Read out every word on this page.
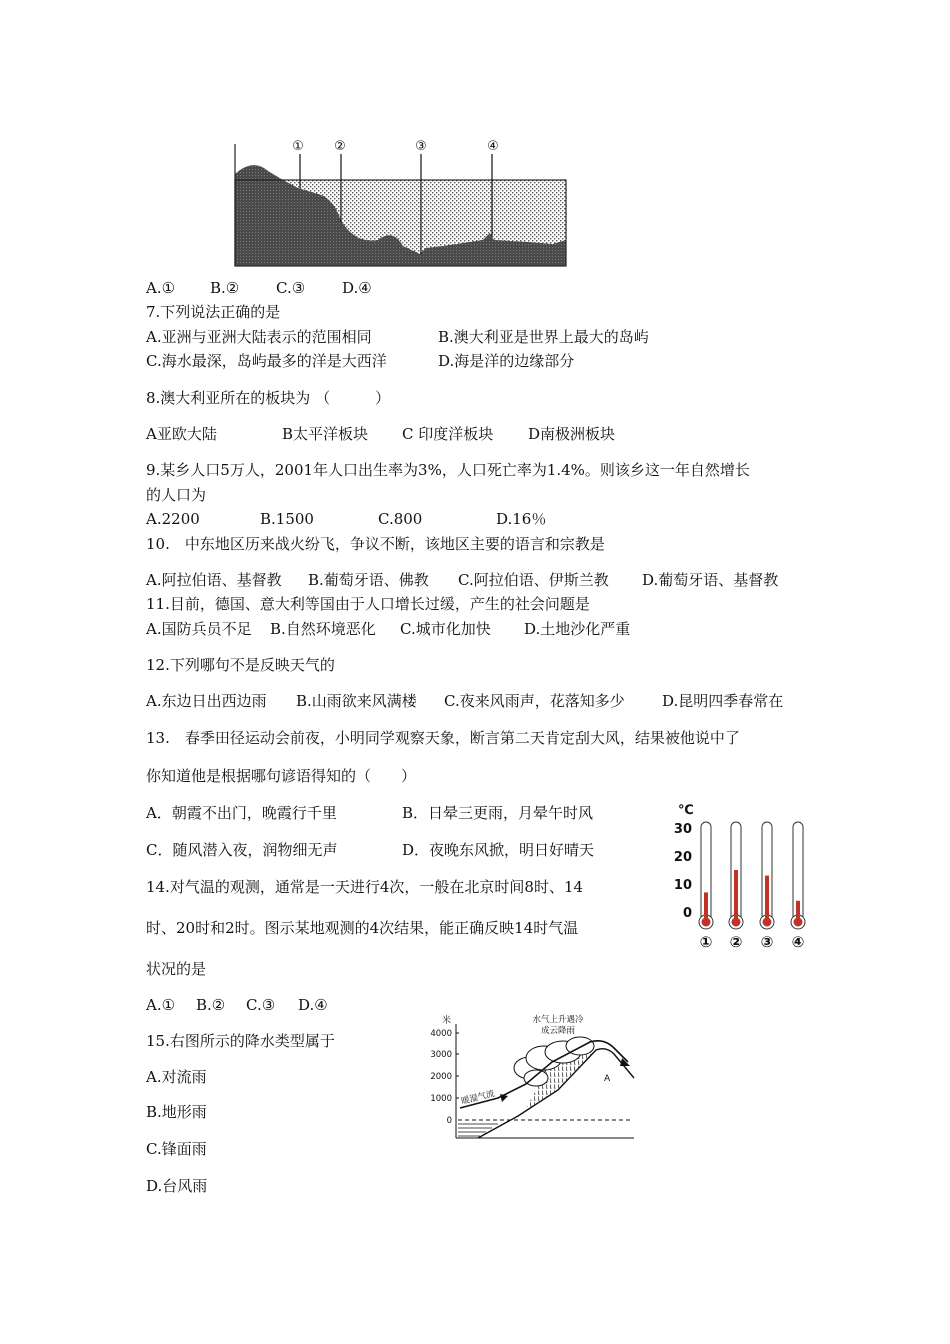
① ②	③	④
A.① B.② C.③ D.④
7.下列说法正确的是
A.亚洲与亚洲大陆表示的范围相同	B.澳大利亚是世界上最大的岛屿
C.海水最深，岛屿最多的洋是大西洋	D.海是洋的边缘部分
8.澳大利亚所在的板块为 （　　　）
A亚欧大陆	B太平洋板块 C 印度洋板块 D南极洲板块
9.某乡人口5万人，2001年人口出生率为3%，人口死亡率为1.4%。则该乡这一年自然增长
的人口为
A.2200	B.1500	C.800	D.16％
10.　中东地区历来战火纷飞，争议不断，该地区主要的语言和宗教是
A.阿拉伯语、基督教 B.葡萄牙语、佛教 C.阿拉伯语、伊斯兰教 D.葡萄牙语、基督教
11.目前，德国、意大利等国由于人口增长过缓，产生的社会问题是
A.国防兵员不足 B.自然环境恶化 C.城市化加快 D.土地沙化严重
12.下列哪句不是反映天气的
A.东边日出西边雨 B.山雨欲来风满楼 C.夜来风雨声，花落知多少 D.昆明四季春常在
13.　春季田径运动会前夜，小明同学观察天象，断言第二天肯定刮大风，结果被他说中了
你知道他是根据哪句谚语得知的（　　）
A．朝霞不出门，晚霞行千里	B．日晕三更雨，月晕午时风
C．随风潜入夜，润物细无声	D．夜晚东风掀，明日好晴天
14.对气温的观测，通常是一天进行4次，一般在北京时间8时、14
时、20时和2时。图示某地观测的4次结果，能正确反映14时气温
状况的是
A.① B.② C.③ D.④
℃
30
20
10
0
① ② ③ ④
15.右图所示的降水类型属于
A.对流雨
B.地形雨
C.锋面雨
D.台风雨
米
4000
3000
2000
1000
0
暖湿气流
水气上升遇冷
成云降雨
A
